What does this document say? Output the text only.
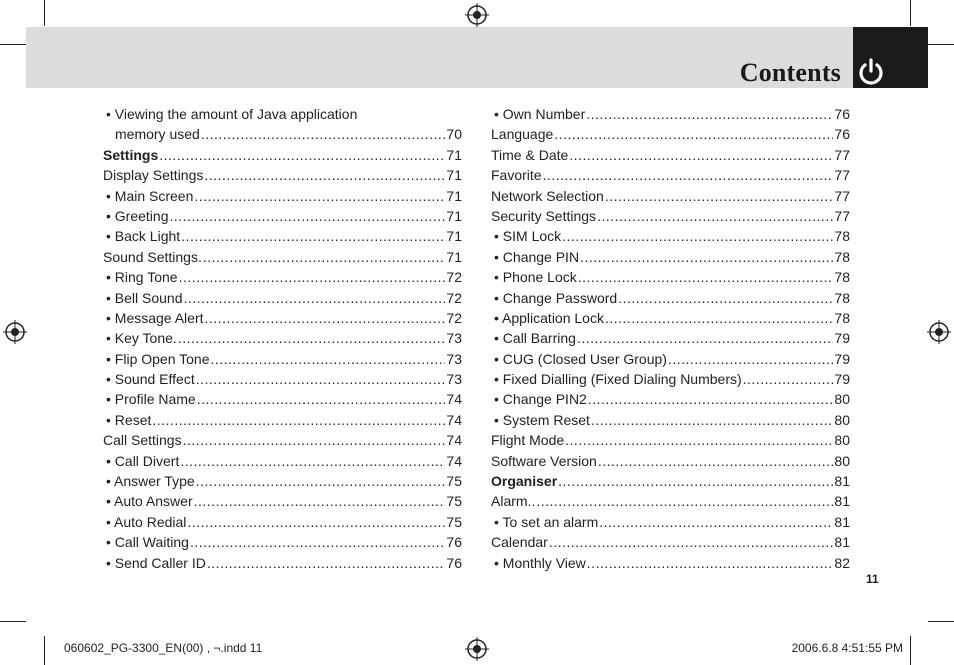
Contents
• Viewing the amount of Java application
memory used .....	70
Settings .....	71
Display Settings .....	71
• Main Screen .....	71
• Greeting .....	71
• Back Light .....	71
Sound Settings. .....	71
• Ring Tone .....	72
• Bell Sound .....	72
• Message Alert .....	72
• Key Tone. .....	73
• Flip Open Tone .....	73
• Sound Effect .....	73
• Profile Name .....	74
• Reset .....	74
Call Settings .....	74
• Call Divert .....	74
• Answer Type .....	75
• Auto Answer .....	75
• Auto Redial .....	75
• Call Waiting .....	76
• Send Caller ID .....	76
• Own Number .....	76
Language .....	76
Time & Date .....	77
Favorite .....	77
Network Selection .....	77
Security Settings .....	77
• SIM Lock .....	78
• Change PIN .....	78
• Phone Lock .....	78
• Change Password .....	78
• Application Lock .....	78
• Call Barring .....	79
• CUG (Closed User Group) .....	79
• Fixed Dialling (Fixed Dialing Numbers) .....	79
• Change PIN2 .....	80
• System Reset .....	80
Flight Mode .....	80
Software Version .....	80
Organiser .....	81
Alarm.. .....	81
• To set an alarm .....	81
Calendar .....	81
• Monthly View .....	82
11
060602_PG-3300_EN(00) , ¬.indd 11	2006.6.8 4:51:55 PM
